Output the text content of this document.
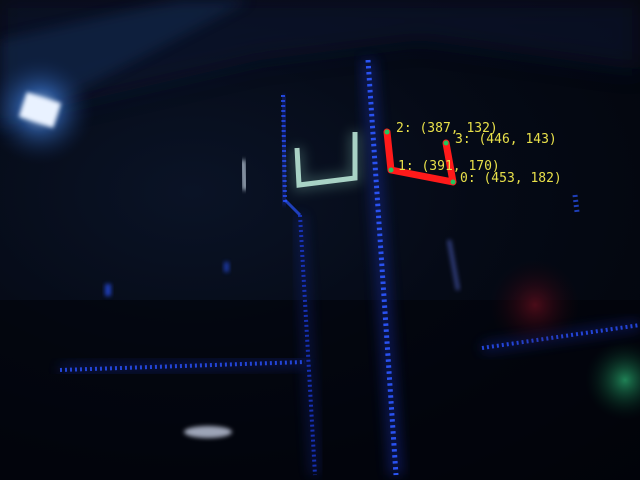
0: (453, 182)
1: (391, 170)
2: (387, 132)
3: (446, 143)
